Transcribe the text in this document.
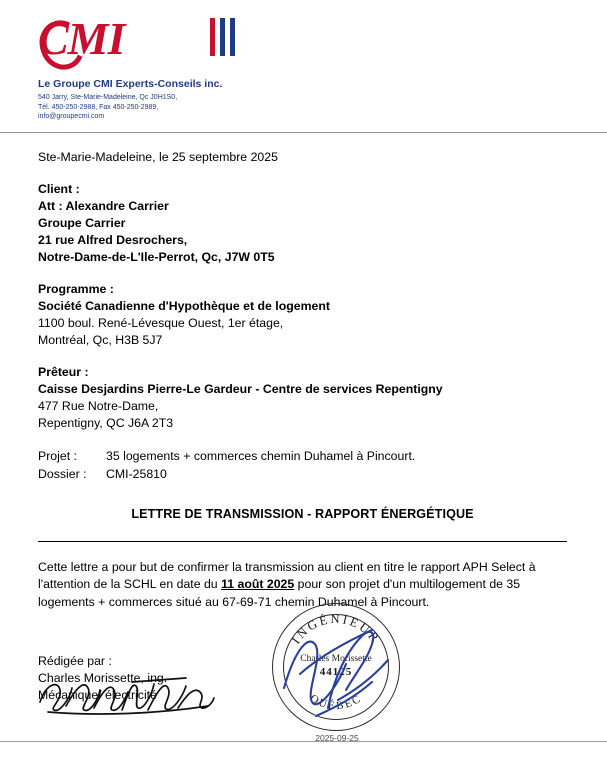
CMI
Le Groupe CMI Experts-Conseils inc.
540 Jarry, Ste-Marie-Madeleine, Qc J0H1S0,
Tél. 450-250-2988, Fax 450-250-2989,
info@groupecmi.com
Ste-Marie-Madeleine, le 25 septembre 2025
Client :
Att : Alexandre Carrier
Groupe Carrier
21 rue Alfred Desrochers,
Notre-Dame-de-L'Ile-Perrot, Qc, J7W 0T5
Programme :
Société Canadienne d'Hypothèque et de logement
1100 boul. René-Lévesque Ouest, 1er étage,
Montréal, Qc, H3B 5J7
Prêteur :
Caisse Desjardins Pierre-Le Gardeur - Centre de services Repentigny
477 Rue Notre-Dame,
Repentigny, QC J6A 2T3
Projet :	35 logements + commerces chemin Duhamel à Pincourt.
Dossier :	CMI-25810
LETTRE DE TRANSMISSION - RAPPORT ÉNERGÉTIQUE

Cette lettre a pour but de confirmer la transmission au client en titre le rapport APH Select à l'attention de la SCHL en date du 11 août 2025 pour son projet d'un multilogement de 35 logements + commerces situé au 67-69-71 chemin Duhamel à Pincourt.

Rédigée par :
Charles Morissette, ing.
Mécanique/ électricité
INGÉNIEUR
QUÉBEC
Charles Morissette
44125
2025-09-25
